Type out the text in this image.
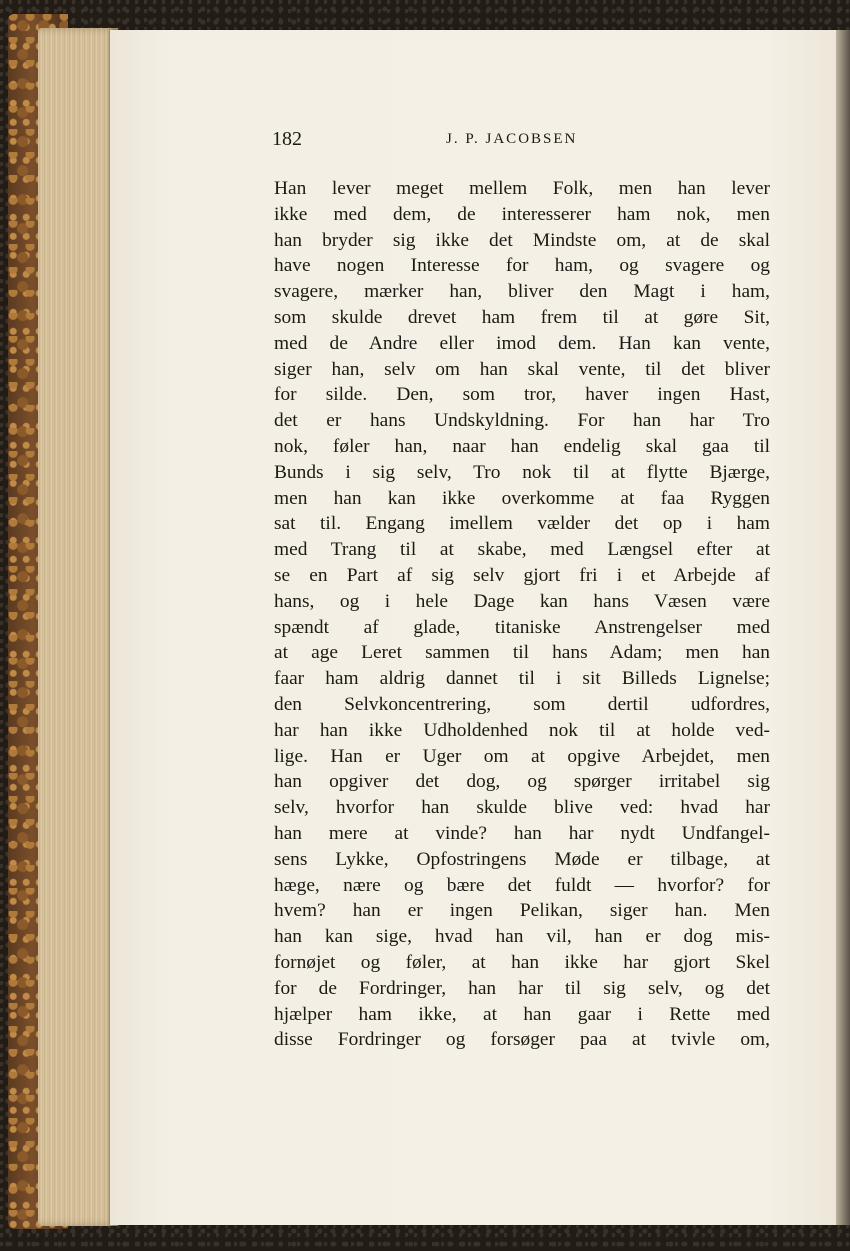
182	J. P. JACOBSEN
Han lever meget mellem Folk, men han lever
ikke med dem, de interesserer ham nok, men
han bryder sig ikke det Mindste om, at de skal
have nogen Interesse for ham, og svagere og
svagere, mærker han, bliver den Magt i ham,
som skulde drevet ham frem til at gøre Sit,
med de Andre eller imod dem. Han kan vente,
siger han, selv om han skal vente, til det bliver
for silde. Den, som tror, haver ingen Hast,
det er hans Undskyldning. For han har Tro
nok, føler han, naar han endelig skal gaa til
Bunds i sig selv, Tro nok til at flytte Bjærge,
men han kan ikke overkomme at faa Ryggen
sat til. Engang imellem vælder det op i ham
med Trang til at skabe, med Længsel efter at
se en Part af sig selv gjort fri i et Arbejde af
hans, og i hele Dage kan hans Væsen være
spændt af glade, titaniske Anstrengelser med
at age Leret sammen til hans Adam; men han
faar ham aldrig dannet til i sit Billeds Lignelse;
den Selvkoncentrering, som dertil udfordres,
har han ikke Udholdenhed nok til at holde ved-
lige. Han er Uger om at opgive Arbejdet, men
han opgiver det dog, og spørger irritabel sig
selv, hvorfor han skulde blive ved: hvad har
han mere at vinde? han har nydt Undfangel-
sens Lykke, Opfostringens Møde er tilbage, at
hæge, nære og bære det fuldt — hvorfor? for
hvem? han er ingen Pelikan, siger han. Men
han kan sige, hvad han vil, han er dog mis-
fornøjet og føler, at han ikke har gjort Skel
for de Fordringer, han har til sig selv, og det
hjælper ham ikke, at han gaar i Rette med
disse Fordringer og forsøger paa at tvivle om,
